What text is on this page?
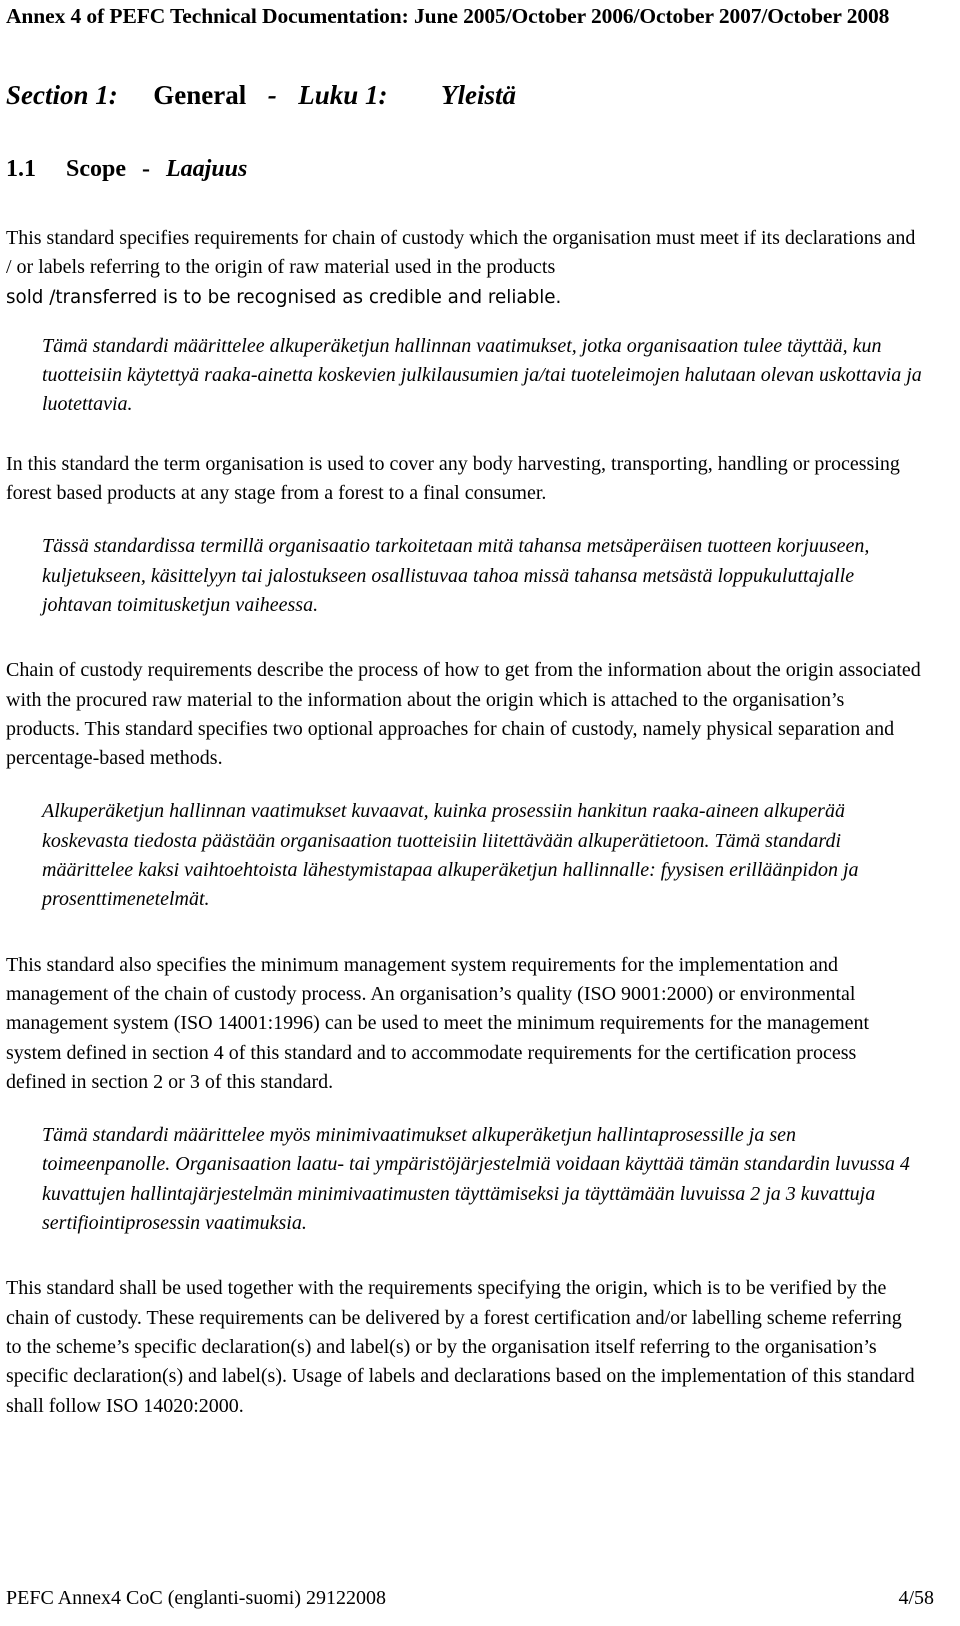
Annex 4 of PEFC Technical Documentation: June 2005/October 2006/October 2007/October 2008
Section 1: General - Luku 1: Yleistä
1.1 Scope - Laajuus

This standard specifies requirements for chain of custody which the organisation must meet if its declarations and / or labels referring to the origin of raw material used in the products

sold /transferred is to be recognised as credible and reliable.

Tämä standardi määrittelee alkuperäketjun hallinnan vaatimukset, jotka organisaation tulee täyttää, kun tuotteisiin käytettyä raaka-ainetta koskevien julkilausumien ja/tai tuoteleimojen halutaan olevan uskottavia ja luotettavia.

In this standard the term organisation is used to cover any body harvesting, transporting, handling or processing forest based products at any stage from a forest to a final consumer.

Tässä standardissa termillä organisaatio tarkoitetaan mitä tahansa metsäperäisen tuotteen korjuuseen, kuljetukseen, käsittelyyn tai jalostukseen osallistuvaa tahoa missä tahansa metsästä loppukuluttajalle johtavan toimitusketjun vaiheessa.

Chain of custody requirements describe the process of how to get from the information about the origin associated with the procured raw material to the information about the origin which is attached to the organisation’s products. This standard specifies two optional approaches for chain of custody, namely physical separation and percentage-based methods.

Alkuperäketjun hallinnan vaatimukset kuvaavat, kuinka prosessiin hankitun raaka-aineen alkuperää koskevasta tiedosta päästään organisaation tuotteisiin liitettävään alkuperätietoon. Tämä standardi määrittelee kaksi vaihtoehtoista lähestymistapaa alkuperäketjun hallinnalle: fyysisen erilläänpidon ja prosenttimenetelmät.

This standard also specifies the minimum management system requirements for the implementation and management of the chain of custody process. An organisation’s quality (ISO 9001:2000) or environmental management system (ISO 14001:1996) can be used to meet the minimum requirements for the management system defined in section 4 of this standard and to accommodate requirements for the certification process defined in section 2 or 3 of this standard.

Tämä standardi määrittelee myös minimivaatimukset alkuperäketjun hallintaprosessille ja sen toimeenpanolle. Organisaation laatu- tai ympäristöjärjestelmiä voidaan käyttää tämän standardin luvussa 4 kuvattujen hallintajärjestelmän minimivaatimusten täyttämiseksi ja täyttämään luvuissa 2 ja 3 kuvattuja sertifiointiprosessin vaatimuksia.

This standard shall be used together with the requirements specifying the origin, which is to be verified by the chain of custody. These requirements can be delivered by a forest certification and/or labelling scheme referring to the scheme’s specific declaration(s) and label(s) or by the organisation itself referring to the organisation’s specific declaration(s) and label(s). Usage of labels and declarations based on the implementation of this standard shall follow ISO 14020:2000.

PEFC Annex4 CoC (englanti-suomi) 29122008	4/58
